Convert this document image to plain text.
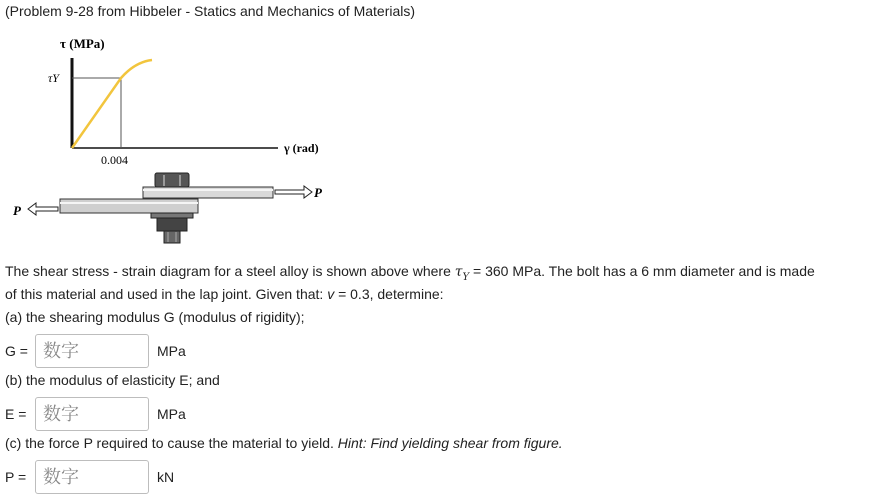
(Problem 9-28 from Hibbeler - Statics and Mechanics of Materials)
τ (MPa)
τY
0.004
γ (rad)
P
P
The shear stress - strain diagram for a steel alloy is shown above where $\tau_Y = 360$ MPa. The bolt has a 6 mm diameter and is made
of this material and used in the lap joint. Given that: v = 0.3, determine:
(a) the shearing modulus G (modulus of rigidity);
G =
数字	MPa
(b) the modulus of elasticity E; and
E =
数字	MPa
(c) the force P required to cause the material to yield. Hint: Find yielding shear from figure.
P =
数字	kN
